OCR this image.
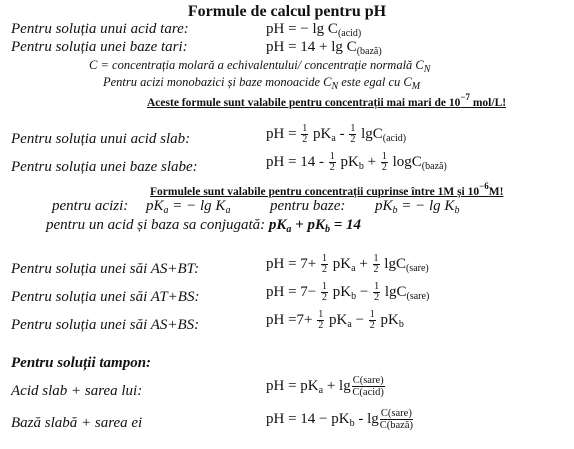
Formule de calcul pentru pH
Pentru soluția unui acid tare:	pH = − $\lg C_{(acid)}$
Pentru soluția unei baze tari:	pH = $14 + \lg C_{(bază)}$
C = concentrația molară a echivalentului/ concentrație normală $C_N$
Pentru acizi monobazici și baze monoacide $C_N$ este egal cu $C_M$
Aceste formule sunt valabile pentru concentrații mai mari de $10^{-7}$ mol/L!
Pentru soluția unui acid slab:	pH = $\frac{1}{2} pK_a - \frac{1}{2} \lg C_{(acid)}$
Pentru soluția unei baze slabe:	pH = $14 - \frac{1}{2} pK_b + \frac{1}{2} \log C_{(bază)}$
Formulele sunt valabile pentru concentrații cuprinse între 1M și $10^{-6}M$!
pentru acizi: $pK_a$ = − $\lg K_a$	pentru baze: $pK_b$ = − $\lg K_b$
pentru un acid și baza sa conjugată: $pK_a + pK_b = 14$
Pentru soluția unei săi AS+BT:	pH = $7+ \frac{1}{2} pK_a + \frac{1}{2} \lg C_{(sare)}$
Pentru soluția unei săi AT+BS:	pH = $7- \frac{1}{2} pK_b - \frac{1}{2} \lg C_{(sare)}$
Pentru soluția unei săi AS+BS:	pH $=7+ \frac{1}{2} pK_a - \frac{1}{2} pK_b$
Pentru soluții tampon:
Acid slab + sarea lui:	pH = $pK_a + \lg \frac{\text{C(sare)}}{\text{C(acid)}}$
Bază slabă + sarea ei	pH = $14 - pK_b - \lg \frac{\text{C(sare)}}{\text{C(bază)}}$
